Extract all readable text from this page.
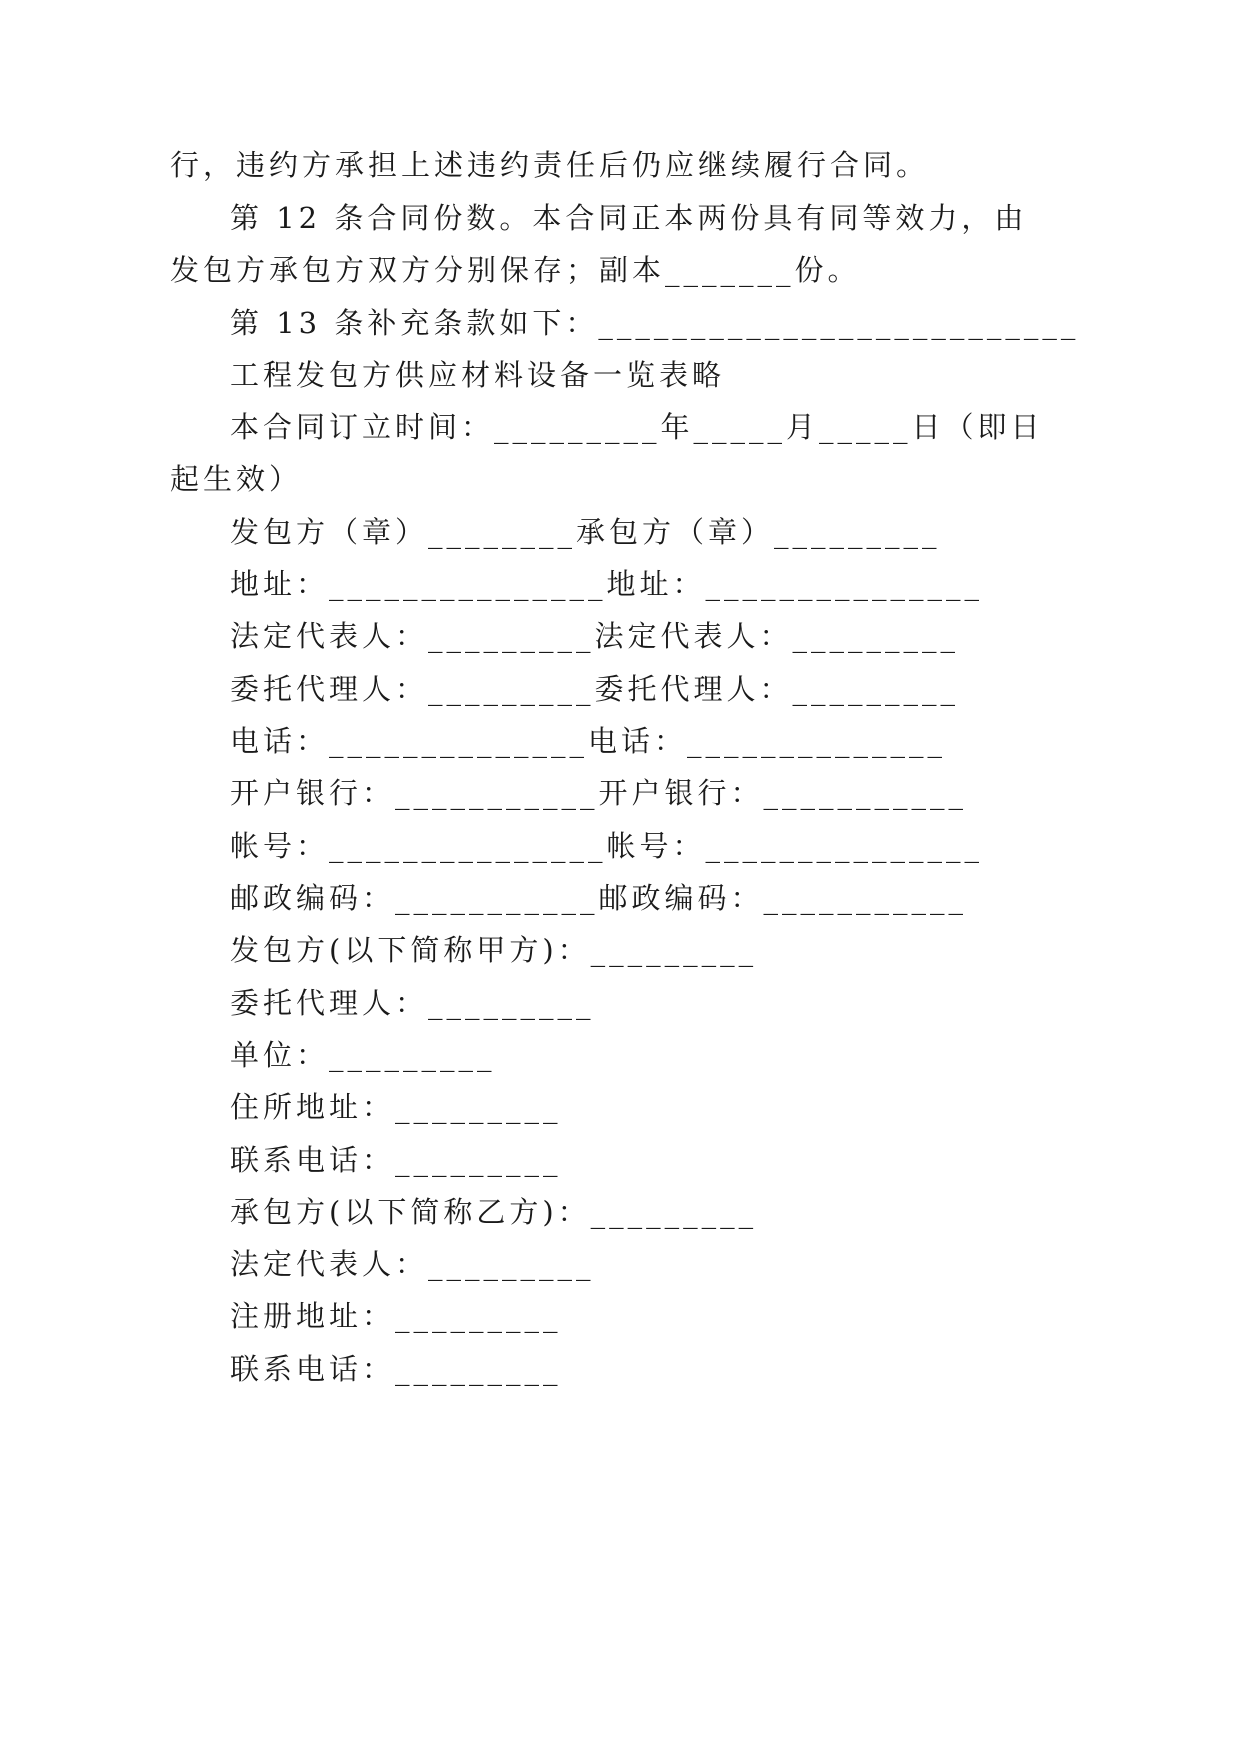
行，违约方承担上述违约责任后仍应继续履行合同。
第 12 条合同份数。本合同正本两份具有同等效力，由
发包方承包方双方分别保存；副本_______份。
第 13 条补充条款如下：__________________________
工程发包方供应材料设备一览表略
本合同订立时间：_________年_____月_____日（即日
起生效）
发包方（章）________承包方（章）_________
地址：_______________地址：_______________
法定代表人：_________法定代表人：_________
委托代理人：_________委托代理人：_________
电话：______________电话：______________
开户银行：___________开户银行：___________
帐号：_______________帐号：_______________
邮政编码：___________邮政编码：___________
发包方(以下简称甲方)：_________
委托代理人：_________
单位：_________
住所地址：_________
联系电话：_________
承包方(以下简称乙方)：_________
法定代表人：_________
注册地址：_________
联系电话：_________
